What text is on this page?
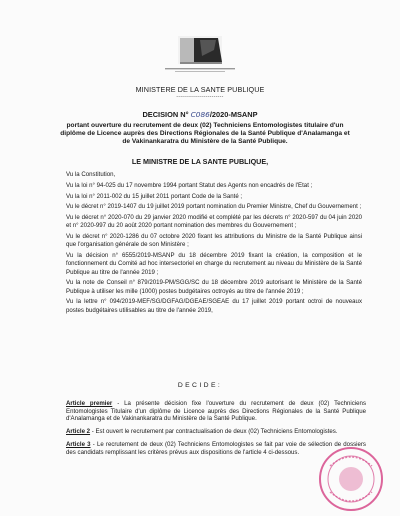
MINISTERE DE LA SANTE PUBLIQUE
------------------------
DECISION N° C086/2020-MSANP
portant ouverture du recrutement de deux (02) Techniciens Entomologistes titulaire d'un diplôme de Licence auprès des Directions Régionales de la Santé Publique d'Analamanga et de Vakinankaratra du Ministère de la Santé Publique.
LE MINISTRE DE LA SANTE PUBLIQUE,

Vu la Constitution,

Vu la loi n° 94-025 du 17 novembre 1994 portant Statut des Agents non encadrés de l'Etat ;

Vu la loi n° 2011-002 du 15 juillet 2011 portant Code de la Santé ;

Vu le décret n° 2019-1407 du 19 juillet 2019 portant nomination du Premier Ministre, Chef du Gouvernement ;

Vu le décret n° 2020-070 du 29 janvier 2020 modifié et complété par les décrets n° 2020-597 du 04 juin 2020 et n° 2020-997 du 20 août 2020 portant nomination des membres du Gouvernement ;

Vu le décret n° 2020-1286 du 07 octobre 2020 fixant les attributions du Ministre de la Santé Publique ainsi que l'organisation générale de son Ministère ;

Vu la décision n° 6555/2019-MSANP du 18 décembre 2019 fixant la création, la composition et le fonctionnement du Comité ad hoc intersectoriel en charge du recrutement au niveau du Ministère de la Santé Publique au titre de l'année 2019 ;

Vu la note de Conseil n° 879/2019-PM/SGG/SC du 18 décembre 2019 autorisant le Ministère de la Santé Publique à utiliser les mille (1000) postes budgétaires octroyés au titre de l'année 2019 ;

Vu la lettre n° 094/2019-MEF/SG/DGFAG/DGEAE/SGEAE du 17 juillet 2019 portant octroi de nouveaux postes budgétaires utilisables au titre de l'année 2019,

DECIDE:

Article premier - La présente décision fixe l'ouverture du recrutement de deux (02) Techniciens Entomologistes Titulaire d'un diplôme de Licence auprès des Directions Régionales de la Santé Publique d'Analamanga et de Vakinankaratra du Ministère de la Santé Publique.

Article 2 - Est ouvert le recrutement par contractualisation de deux (02) Techniciens Entomologistes.

Article 3 - Le recrutement de deux (02) Techniciens Entomologistes se fait par voie de sélection de dossiers des candidats remplissant les critères prévus aux dispositions de l'article 4 ci-dessous.
